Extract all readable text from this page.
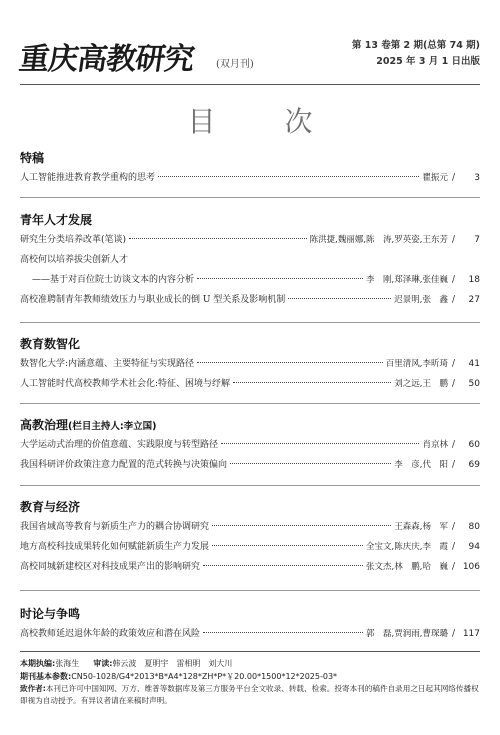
重庆高教研究 (双月刊)
第 13 卷第 2 期(总第 74 期)
2025 年 3 月 1 日出版
目 次
特稿
人工智能推进教育教学重构的思考	瞿振元 /	3
青年人才发展
研究生分类培养改革(笔谈)	陈洪捷,魏丽娜,陈　涛,罗英姿,王东芳 /	7
高校何以培养拔尖创新人才
——基于对百位院士访谈文本的内容分析	李　刚,郑泽琳,张佳巍 /	18
高校准聘制青年教师绩效压力与职业成长的倒 U 型关系及影响机制	迟景明,张　鑫 /	27
教育数智化
数智化大学:内涵意蕴、主要特征与实现路径	百里清风,李昕琦 /	41
人工智能时代高校教师学术社会化:特征、困境与纾解	刘之远,王　鹏 /	50
高教治理(栏目主持人:李立国)
大学运动式治理的价值意蕴、实践限度与转型路径	肖京林 /	60
我国科研评价政策注意力配置的范式转换与决策偏向	李　彦,代　阳 /	69
教育与经济
我国省域高等教育与新质生产力的耦合协调研究	王森森,杨　军 /	80
地方高校科技成果转化如何赋能新质生产力发展	全宝文,陈庆庆,李　霞 /	94
高校同城新建校区对科技成果产出的影响研究	张文杰,林　鹏,哈　巍 / 106
时论与争鸣
高校教师延迟退休年龄的政策效应和潜在风险	郭　磊,贾润雨,曹琛璐 / 117
本期执编:张海生 审读:韩云波　夏明宇　雷相明　刘大川
期刊基本参数:CN50-1028/G4*2013*B*A4*128*ZH*P*￥20.00*1500*12*2025-03*
致作者:本刊已许可中国知网、万方、维普等数据库及第三方服务平台全文收录、转载、检索。投寄本刊的稿件自录用之日起其网络传播权即视为自动授予。有异议者请在来稿时声明。
